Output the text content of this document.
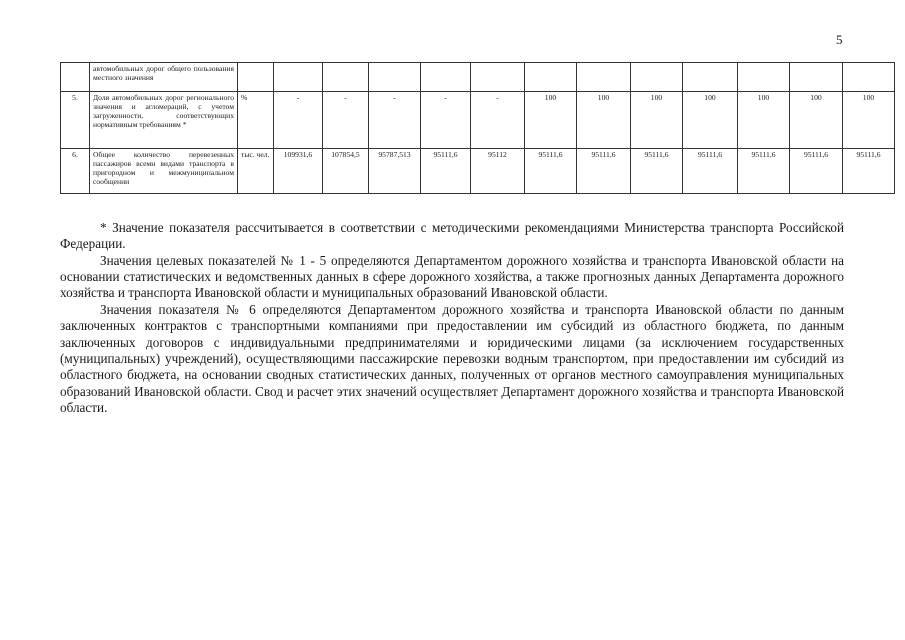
5
	автомобильных дорог общего пользования местного значения													
5.	Доля автомобильных дорог регионального значения и агломераций, с учетом загруженности, соответствующих нормативным требованиям *	%	-	-	-	-	-	100	100	100	100	100	100	100
6.	Общее количество перевезенных пассажиров всеми видами транспорта в пригородном и межмуниципальном сообщении	тыс. чел.	109931,6	107854,5	95787,513	95111,6	95112	95111,6	95111,6	95111,6	95111,6	95111,6	95111,6	95111,6

* Значение показателя рассчитывается в соответствии с методическими рекомендациями Министерства транспорта Российской Федерации.

Значения целевых показателей № 1 - 5 определяются Департаментом дорожного хозяйства и транспорта Ивановской области на основании статистических и ведомственных данных в сфере дорожного хозяйства, а также прогнозных данных Департамента дорожного хозяйства и транспорта Ивановской области и муниципальных образований Ивановской области.

Значения показателя № 6 определяются Департаментом дорожного хозяйства и транспорта Ивановской области по данным заключенных контрактов с транспортными компаниями при предоставлении им субсидий из областного бюджета, по данным заключенных договоров с индивидуальными предпринимателями и юридическими лицами (за исключением государственных (муниципальных) учреждений), осуществляющими пассажирские перевозки водным транспортом, при предоставлении им субсидий из областного бюджета, на основании сводных статистических данных, полученных от органов местного самоуправления муниципальных образований Ивановской области. Свод и расчет этих значений осуществляет Департамент дорожного хозяйства и транспорта Ивановской области.
